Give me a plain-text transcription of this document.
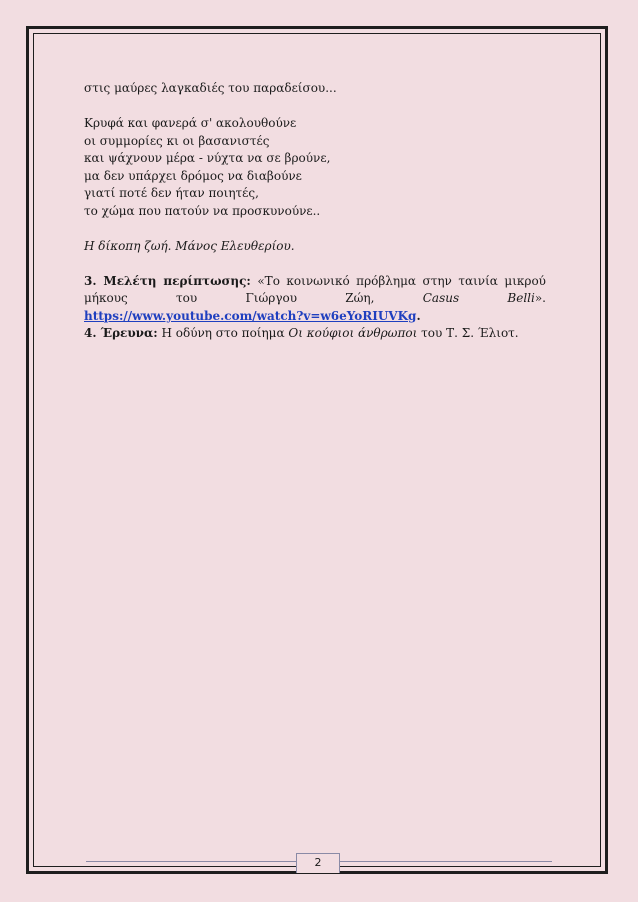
στις μαύρες λαγκαδιές του παραδείσου...
Κρυφά και φανερά σ' ακολουθούνε
οι συμμορίες κι οι βασανιστές
και ψάχνουν μέρα - νύχτα να σε βρούνε,
μα δεν υπάρχει δρόμος να διαβούνε
γιατί ποτέ δεν ήταν ποιητές,
το χώμα που πατούν να προσκυνούνε..
Η δίκοπη ζωή. Μάνος Ελευθερίου.
3. Μελέτη περίπτωσης: «Το κοινωνικό πρόβλημα στην ταινία μικρού
μήκους του Γιώργου Ζώη, Casus Belli».
https://www.youtube.com/watch?v=w6eYoRIUVKg.
4. Έρευνα: Η οδύνη στο ποίημα Οι κούφιοι άνθρωποι του Τ. Σ. Έλιοτ.
2
